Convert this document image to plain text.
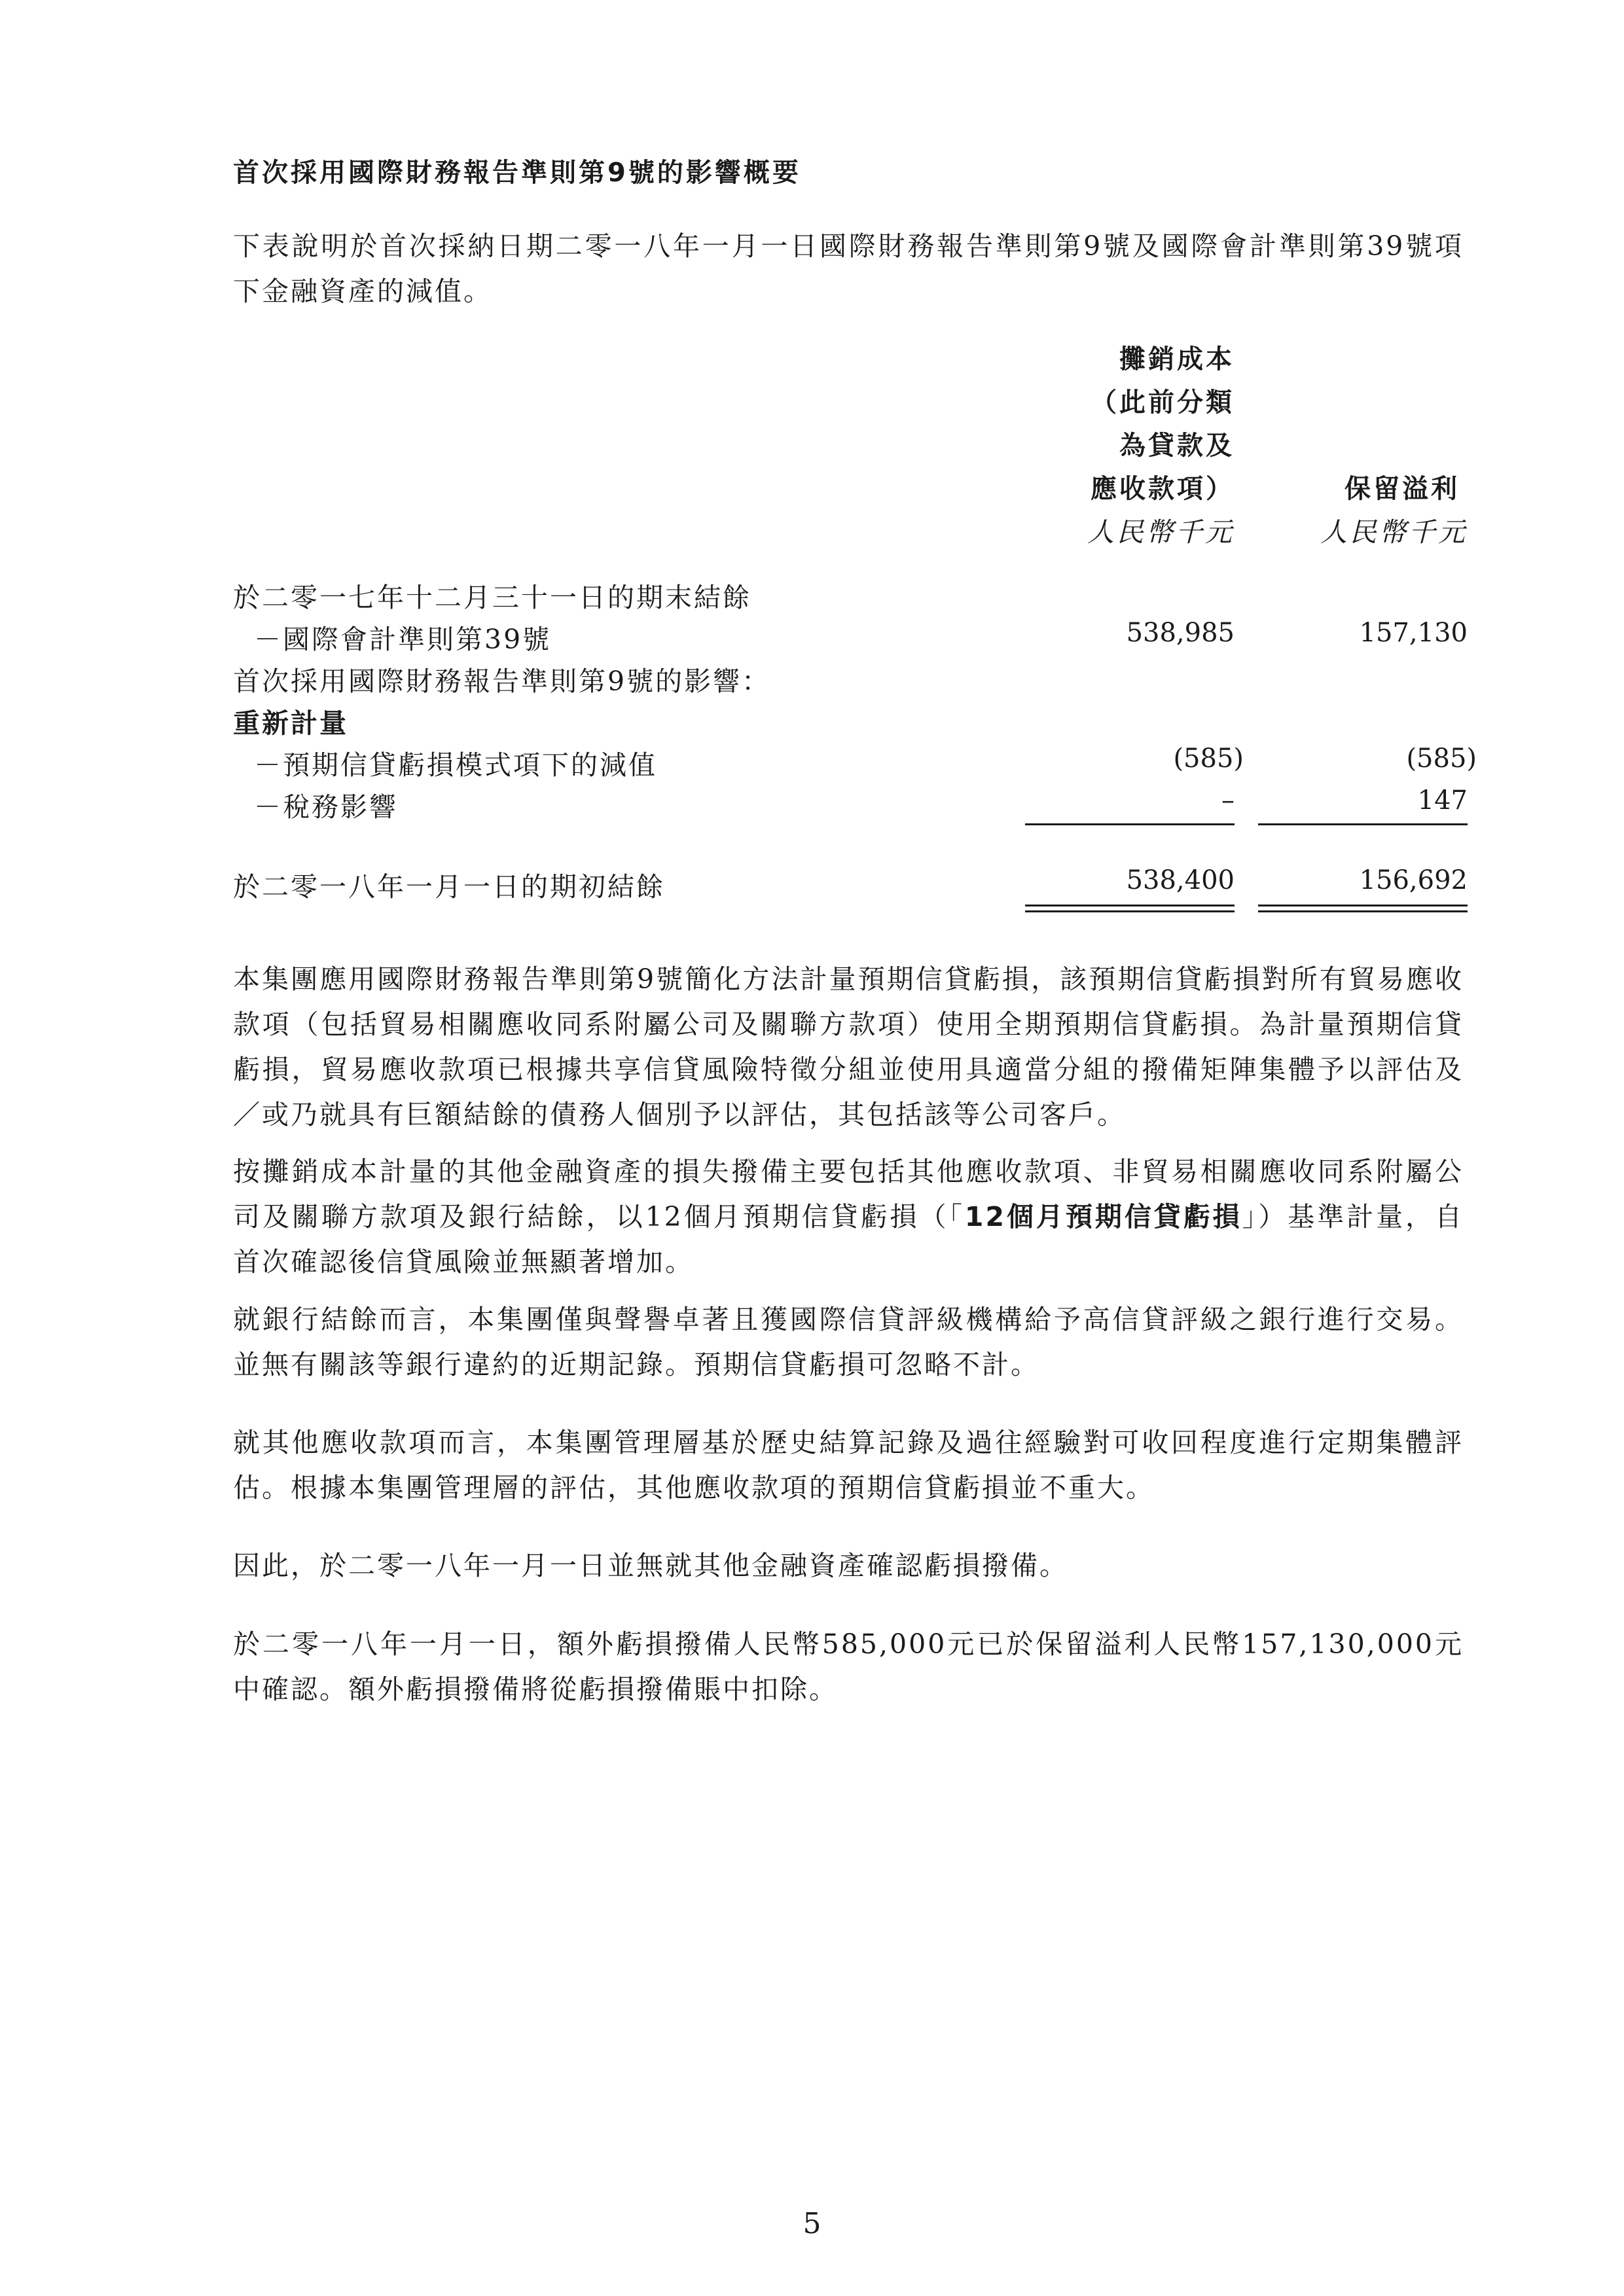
首次採用國際財務報告準則第9號的影響概要
下表說明於首次採納日期二零一八年一月一日國際財務報告準則第9號及國際會計準則第39號項下金融資產的減值。
攤銷成本
（此前分類
為貸款及
應收款項）	保留溢利
人民幣千元	人民幣千元
於二零一七年十二月三十一日的期末結餘
－國際會計準則第39號	538,985	157,130
首次採用國際財務報告準則第9號的影響：
重新計量
－預期信貸虧損模式項下的減值	(585)	(585)
－稅務影響	–	147
於二零一八年一月一日的期初結餘	538,400	156,692
本集團應用國際財務報告準則第9號簡化方法計量預期信貸虧損，該預期信貸虧損對所有貿易應收款項（包括貿易相關應收同系附屬公司及關聯方款項）使用全期預期信貸虧損。為計量預期信貸虧損，貿易應收款項已根據共享信貸風險特徵分組並使用具適當分組的撥備矩陣集體予以評估及／或乃就具有巨額結餘的債務人個別予以評估，其包括該等公司客戶。
按攤銷成本計量的其他金融資產的損失撥備主要包括其他應收款項、非貿易相關應收同系附屬公司及關聯方款項及銀行結餘，以12個月預期信貸虧損（「12個月預期信貸虧損」）基準計量，自首次確認後信貸風險並無顯著增加。
就銀行結餘而言，本集團僅與聲譽卓著且獲國際信貸評級機構給予高信貸評級之銀行進行交易。並無有關該等銀行違約的近期記錄。預期信貸虧損可忽略不計。
就其他應收款項而言，本集團管理層基於歷史結算記錄及過往經驗對可收回程度進行定期集體評估。根據本集團管理層的評估，其他應收款項的預期信貸虧損並不重大。
因此，於二零一八年一月一日並無就其他金融資產確認虧損撥備。
於二零一八年一月一日，額外虧損撥備人民幣585,000元已於保留溢利人民幣157,130,000元中確認。額外虧損撥備將從虧損撥備賬中扣除。
5
